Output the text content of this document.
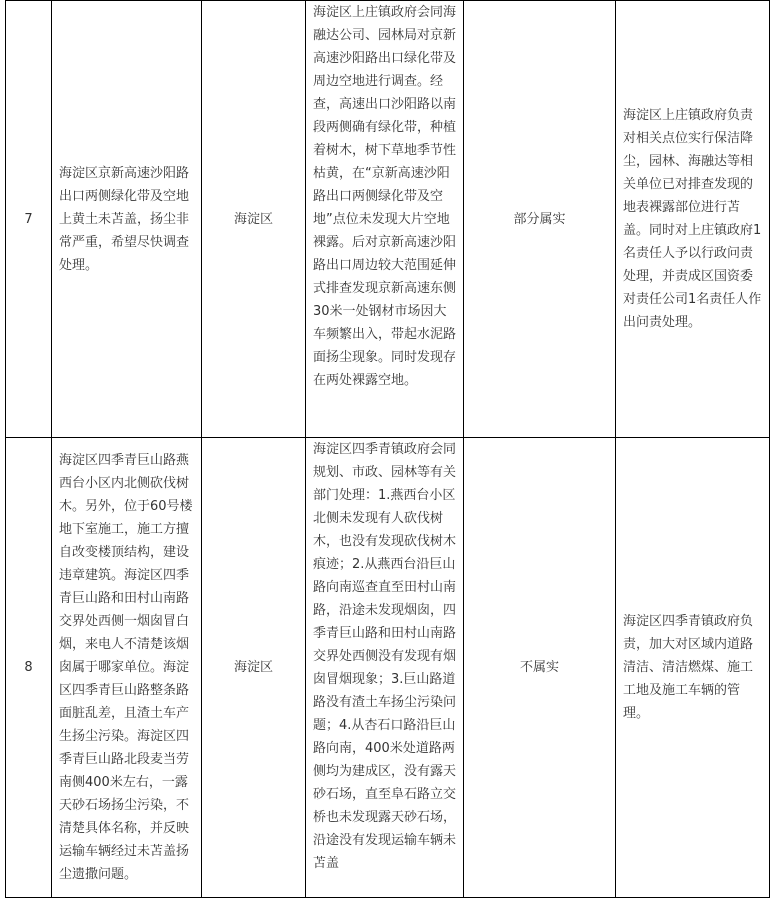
7	海淀区京新高速沙阳路出口两侧绿化带及空地上黄土未苫盖，扬尘非常严重，希望尽快调查处理。	海淀区	海淀区上庄镇政府会同海融达公司、园林局对京新高速沙阳路出口绿化带及周边空地进行调查。经查，高速出口沙阳路以南段两侧确有绿化带，种植着树木，树下草地季节性枯黄，在“京新高速沙阳路出口两侧绿化带及空地”点位未发现大片空地裸露。后对京新高速沙阳路出口周边较大范围延伸式排查发现京新高速东侧30米一处钢材市场因大车频繁出入，带起水泥路面扬尘现象。同时发现存在两处裸露空地。	部分属实	海淀区上庄镇政府负责对相关点位实行保洁降尘，园林、海融达等相关单位已对排查发现的地表裸露部位进行苫盖。同时对上庄镇政府1名责任人予以行政问责处理，并责成区国资委对责任公司1名责任人作出问责处理。
8	海淀区四季青巨山路燕西台小区内北侧砍伐树木。另外，位于60号楼地下室施工，施工方擅自改变楼顶结构，建设违章建筑。海淀区四季青巨山路和田村山南路交界处西侧一烟囱冒白烟，来电人不清楚该烟囱属于哪家单位。海淀区四季青巨山路整条路面脏乱差，且渣土车产生扬尘污染。海淀区四季青巨山路北段麦当劳南侧400米左右，一露天砂石场扬尘污染，不清楚具体名称，并反映运输车辆经过未苫盖扬尘遗撒问题。	海淀区	海淀区四季青镇政府会同规划、市政、园林等有关部门处理：1.燕西台小区北侧未发现有人砍伐树木，也没有发现砍伐树木痕迹；2.从燕西台沿巨山路向南巡查直至田村山南路，沿途未发现烟囱，四季青巨山路和田村山南路交界处西侧没有发现有烟囱冒烟现象；3.巨山路道路没有渣土车扬尘污染问题；4.从杏石口路沿巨山路向南，400米处道路两侧均为建成区，没有露天砂石场，直至阜石路立交桥也未发现露天砂石场，沿途没有发现运输车辆未苫盖	不属实	海淀区四季青镇政府负责，加大对区域内道路清洁、清洁燃煤、施工工地及施工车辆的管理。
